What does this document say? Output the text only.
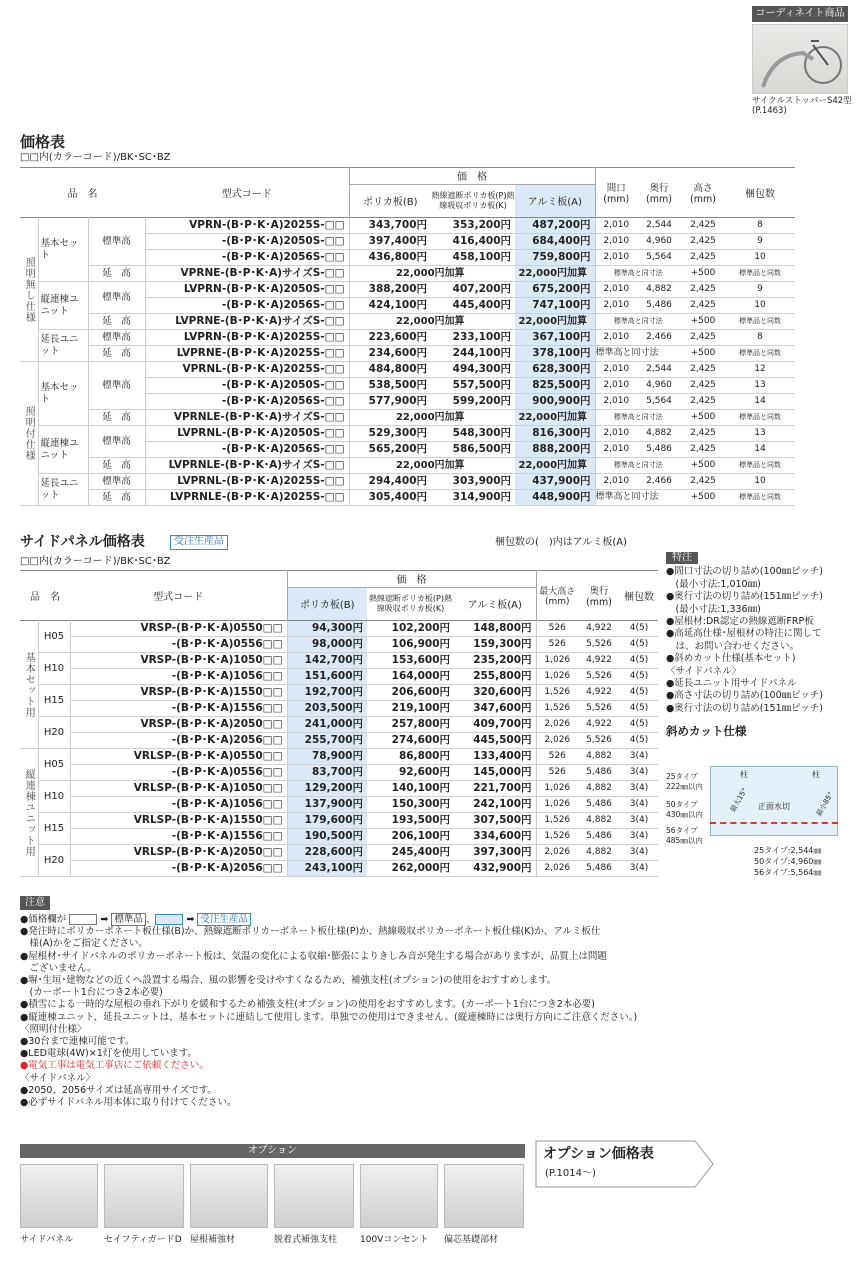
コーディネイト商品
サイクルストッパーS42型(P.1463)
価格表
□□内(カラーコード)/BK･SC･BZ
品　名			型式コード	価　格			間口(mm)	奥行(mm)	高さ(mm)	梱包数
				ポリカ板(B)	熱線遮断ポリカ板(P)熱線吸収ポリカ板(K)	アルミ板(A)				
照明無し仕様	基本セット	標準高	VPRN-(B･P･K･A)2025S-□□	343,700円	353,200円	487,200円	2,010	2,544	2,425	8
			-(B･P･K･A)2050S-□□	397,400円	416,400円	684,400円	2,010	4,960	2,425	9
			-(B･P･K･A)2056S-□□	436,800円	458,100円	759,800円	2,010	5,564	2,425	10
		延　高	VPRNE-(B･P･K･A)サイズS-□□	22,000円加算		22,000円加算	標準高と同寸法		+500	標準品と同数
	縦連棟ユニット	標準高	LVPRN-(B･P･K･A)2050S-□□	388,200円	407,200円	675,200円	2,010	4,882	2,425	9
			-(B･P･K･A)2056S-□□	424,100円	445,400円	747,100円	2,010	5,486	2,425	10
		延　高	LVPRNE-(B･P･K･A)サイズS-□□	22,000円加算		22,000円加算	標準高と同寸法		+500	標準品と同数
	延長ユニット	標準高	LVPRN-(B･P･K･A)2025S-□□	223,600円	233,100円	367,100円	2,010	2,466	2,425	8
		延　高	LVPRNE-(B･P･K･A)2025S-□□	234,600円	244,100円	378,100円	標準高と同寸法		+500	標準品と同数
照明付仕様	基本セット	標準高	VPRNL-(B･P･K･A)2025S-□□	484,800円	494,300円	628,300円	2,010	2,544	2,425	12
			-(B･P･K･A)2050S-□□	538,500円	557,500円	825,500円	2,010	4,960	2,425	13
			-(B･P･K･A)2056S-□□	577,900円	599,200円	900,900円	2,010	5,564	2,425	14
		延　高	VPRNLE-(B･P･K･A)サイズS-□□	22,000円加算		22,000円加算	標準高と同寸法		+500	標準品と同数
	縦連棟ユニット	標準高	LVPRNL-(B･P･K･A)2050S-□□	529,300円	548,300円	816,300円	2,010	4,882	2,425	13
			-(B･P･K･A)2056S-□□	565,200円	586,500円	888,200円	2,010	5,486	2,425	14
		延　高	LVPRNLE-(B･P･K･A)サイズS-□□	22,000円加算		22,000円加算	標準高と同寸法		+500	標準品と同数
	延長ユニット	標準高	LVPRNL-(B･P･K･A)2025S-□□	294,400円	303,900円	437,900円	2,010	2,466	2,425	10
		延　高	LVPRNLE-(B･P･K･A)2025S-□□	305,400円	314,900円	448,900円	標準高と同寸法		+500	標準品と同数
サイドパネル価格表	受注生産品	梱包数の(　)内はアルミ板(A)
□□内(カラーコード)/BK･SC･BZ
品　名		型式コード	価　格			最大高さ(mm)	奥行(mm)	梱包数
			ポリカ板(B)	熱線遮断ポリカ板(P)熱線吸収ポリカ板(K)	アルミ板(A)			
基本セット用	H05	VRSP-(B･P･K･A)0550□□	94,300円	102,200円	148,800円	526	4,922	4(5)
		-(B･P･K･A)0556□□	98,000円	106,900円	159,300円	526	5,526	4(5)
	H10	VRSP-(B･P･K･A)1050□□	142,700円	153,600円	235,200円	1,026	4,922	4(5)
		-(B･P･K･A)1056□□	151,600円	164,000円	255,800円	1,026	5,526	4(5)
	H15	VRSP-(B･P･K･A)1550□□	192,700円	206,600円	320,600円	1,526	4,922	4(5)
		-(B･P･K･A)1556□□	203,500円	219,100円	347,600円	1,526	5,526	4(5)
	H20	VRSP-(B･P･K･A)2050□□	241,000円	257,800円	409,700円	2,026	4,922	4(5)
		-(B･P･K･A)2056□□	255,700円	274,600円	445,500円	2,026	5,526	4(5)
縦連棟ユニット用	H05	VRLSP-(B･P･K･A)0550□□	78,900円	86,800円	133,400円	526	4,882	3(4)
		-(B･P･K･A)0556□□	83,700円	92,600円	145,000円	526	5,486	3(4)
	H10	VRLSP-(B･P･K･A)1050□□	129,200円	140,100円	221,700円	1,026	4,882	3(4)
		-(B･P･K･A)1056□□	137,900円	150,300円	242,100円	1,026	5,486	3(4)
	H15	VRLSP-(B･P･K･A)1550□□	179,600円	193,500円	307,500円	1,526	4,882	3(4)
		-(B･P･K･A)1556□□	190,500円	206,100円	334,600円	1,526	5,486	3(4)
	H20	VRLSP-(B･P･K･A)2050□□	228,600円	245,400円	397,300円	2,026	4,882	3(4)
		-(B･P･K･A)2056□□	243,100円	262,000円	432,900円	2,026	5,486	3(4)
特注
●間口寸法の切り詰め(100㎜ピッチ)
　(最小寸法:1,010㎜)
●奥行寸法の切り詰め(151㎜ピッチ)
　(最小寸法:1,336㎜)
●屋根材:DR認定の熱線遮断FRP板
●高延高仕様･屋根材の特注に関して
　は、お問い合わせください。
●斜めカット仕様(基本セット)
〈サイドパネル〉
●延長ユニット用サイドパネル
●高さ寸法の切り詰め(100㎜ピッチ)
●奥行寸法の切り詰め(151㎜ピッチ)
斜めカット仕様
25タイプ
222㎜以内
50タイプ
430㎜以内
56タイプ
485㎜以内
柱	柱
正面水切
最大15°	最小85°
25タイプ:2,544㎜
50タイプ:4,960㎜
56タイプ:5,564㎜
注意

●価格欄が	➡ 標準品 、	➡ 受注生産品

●発注時にポリカーボネート板仕様(B)か、熱線遮断ポリカーボネート板仕様(P)か、熱線吸収ポリカーボネート板仕様(K)か、アルミ板仕

　様(A)かをご指定ください。

●屋根材･サイドパネルのポリカーボネート板は、気温の変化による収縮･膨張によりきしみ音が発生する場合がありますが、品質上は問題

　ございません。

●塀･生垣･建物などの近くへ設置する場合、風の影響を受けやすくなるため、補強支柱(オプション)の使用をおすすめします。

　(カーポート1台につき2本必要)

●積雪による一時的な屋根の垂れ下がりを緩和するため補強支柱(オプション)の使用をおすすめします。(カーポート1台につき2本必要)

●縦連棟ユニット、延長ユニットは、基本セットに連結して使用します。単独での使用はできません。(縦連棟時には奥行方向にご注意ください。)

〈照明付仕様〉

●30台まで連棟可能です。

●LED電球(4W)×1灯を使用しています。

●電気工事は電気工事店にご依頼ください。

〈サイドパネル〉

●2050、2056サイズは延高専用サイズです。

●必ずサイドパネル用本体に取り付けてください。

オプション
サイドパネル	セイフティガードD 屋根補強材	脱着式補強支柱	100Vコンセント 偏芯基礎部材
オプション価格表
(P.1014〜)
